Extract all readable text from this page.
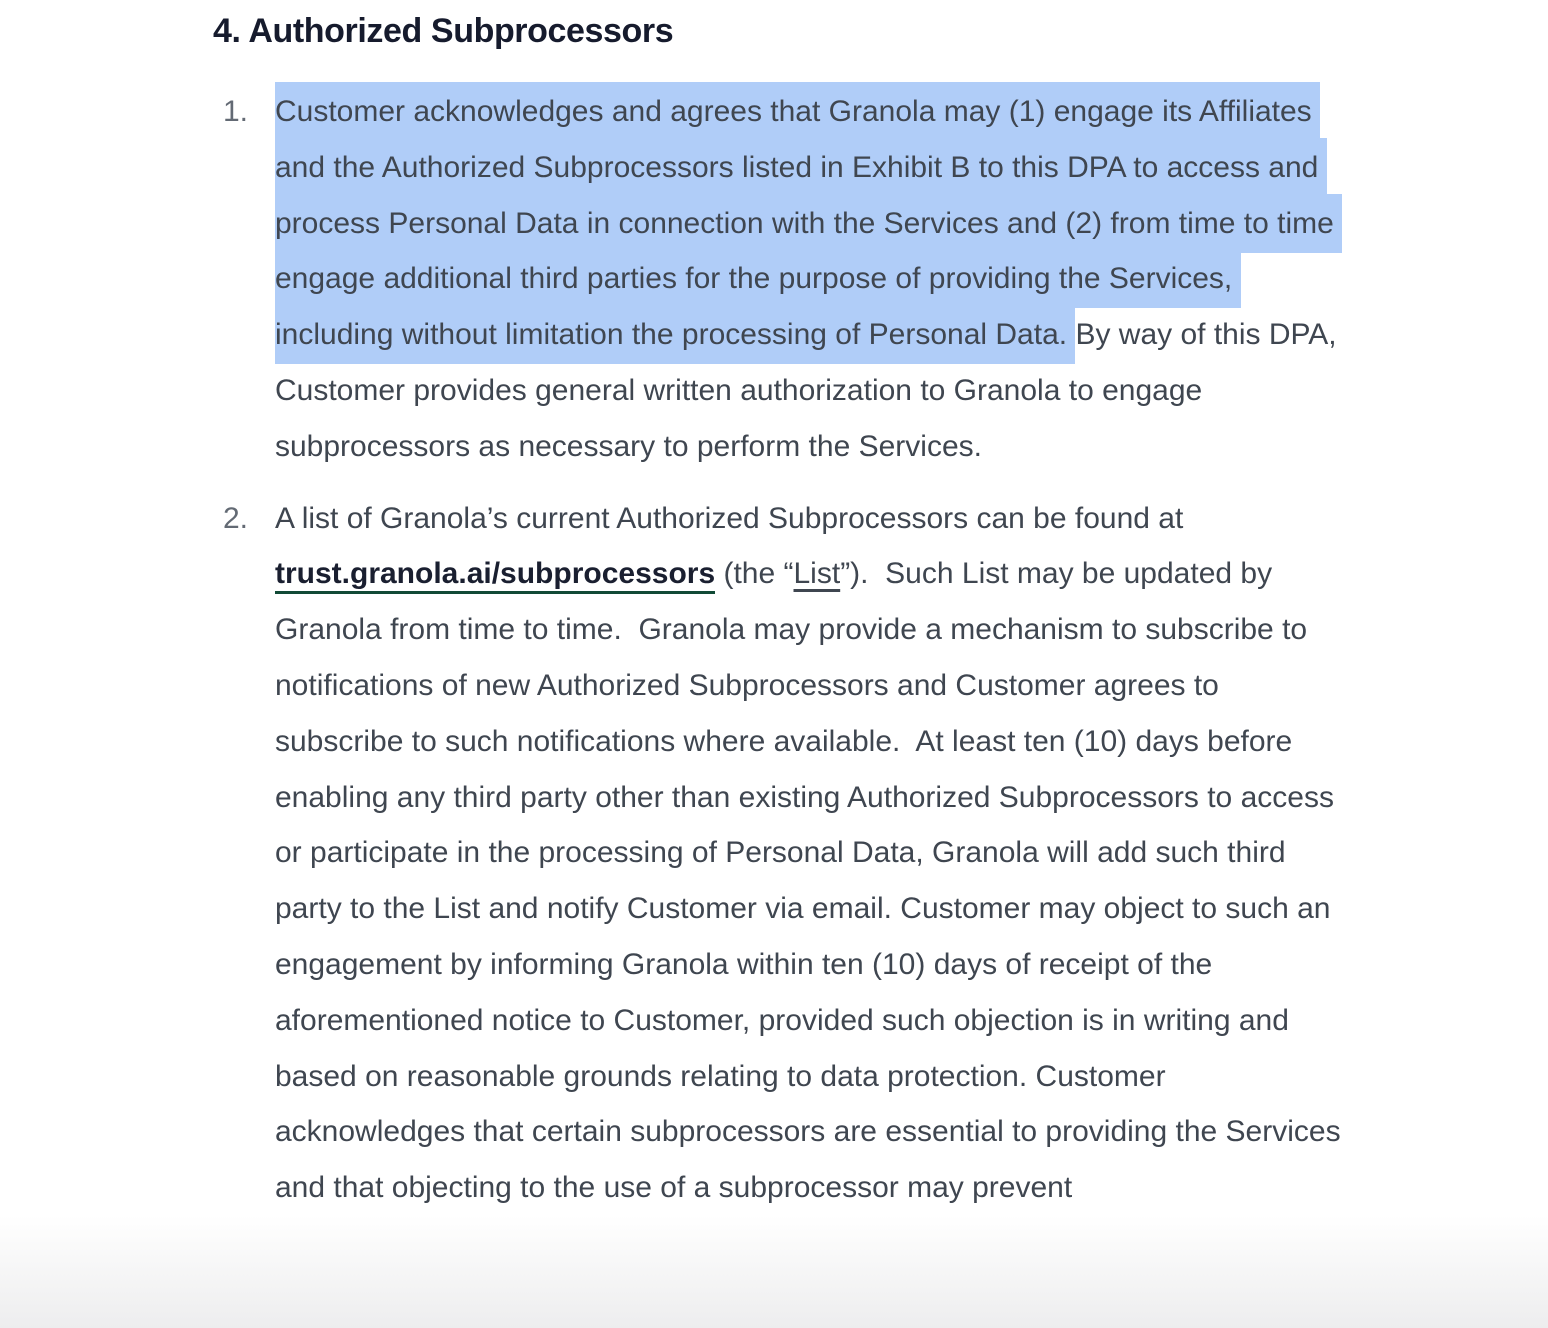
4. Authorized Subprocessors
1. Customer acknowledges and agrees that Granola may (1) engage its Affiliates and the Authorized Subprocessors listed in Exhibit B to this DPA to access and process Personal Data in connection with the Services and (2) from time to time engage additional third parties for the purpose of providing the Services, including without limitation the processing of Personal Data. By way of this DPA, Customer provides general written authorization to Granola to engage subprocessors as necessary to perform the Services.

2. A list of Granola’s current Authorized Subprocessors can be found at trust.granola.ai/subprocessors (the “List”).  Such List may be updated by Granola from time to time.  Granola may provide a mechanism to subscribe to notifications of new Authorized Subprocessors and Customer agrees to subscribe to such notifications where available.  At least ten (10) days before enabling any third party other than existing Authorized Subprocessors to access or participate in the processing of Personal Data, Granola will add such third party to the List and notify Customer via email. Customer may object to such an engagement by informing Granola within ten (10) days of receipt of the aforementioned notice to Customer, provided such objection is in writing and based on reasonable grounds relating to data protection. Customer acknowledges that certain subprocessors are essential to providing the Services and that objecting to the use of a subprocessor may prevent
